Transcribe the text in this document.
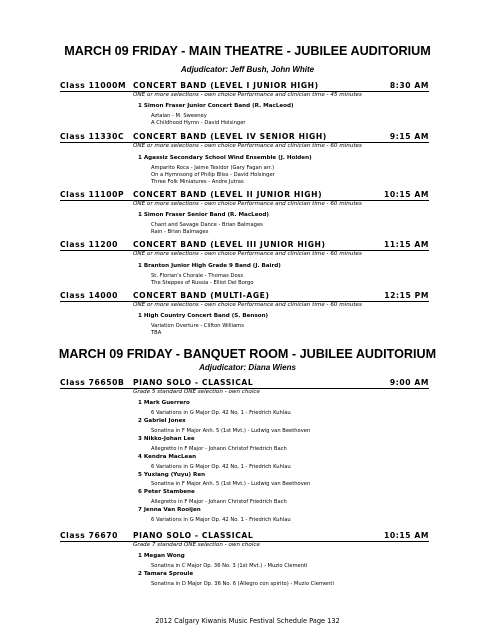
MARCH 09 FRIDAY - MAIN THEATRE - JUBILEE AUDITORIUM
Adjudicator: Jeff Bush, John White
Class 11000M CONCERT BAND (LEVEL I JUNIOR HIGH)	8:30 AM
ONE or more selections - own choice Performance and clinician time - 45 minutes
1 Simon Fraser Junior Concert Band (R. MacLeod)
Aztalan - M. Sweeney
A Childhood Hymn - David Holsinger
Class 11330C CONCERT BAND (LEVEL IV SENIOR HIGH)	9:15 AM
ONE or more selections - own choice Performance and clinician time - 60 minutes
1 Agassiz Secondary School Wind Ensemble (J. Holden)
Amparito Roca - Jaime Texidor (Gary Fagan arr.)
On a Hymnsong of Philip Bliss - David Holsinger
Three Folk Miniatures - Andre Jutras
Class 11100P CONCERT BAND (LEVEL II JUNIOR HIGH)	10:15 AM
ONE or more selections - own choice Performance and clinician time - 60 minutes
1 Simon Fraser Senior Band (R. MacLeod)
Chant and Savage Dance - Brian Balmages
Rain - Brian Balmages
Class 11200 CONCERT BAND (LEVEL III JUNIOR HIGH)	11:15 AM
ONE or more selections - own choice Performance and clinician time - 60 minutes
1 Branton Junior High Grade 9 Band (J. Baird)
St. Florian's Chorale - Thomas Doss
The Steppes of Russia - Elliot Del Borgo
Class 14000 CONCERT BAND (MULTI-AGE)	12:15 PM
ONE or more selections - own choice Performance and clinician time - 60 minutes
1 High Country Concert Band (S. Benson)
Variation Overture - Clifton Williams
TBA
MARCH 09 FRIDAY - BANQUET ROOM - JUBILEE AUDITORIUM
Adjudicator: Diana Wiens
Class 76650B PIANO SOLO - CLASSICAL	9:00 AM
Grade 5 standard ONE selection - own choice
1 Mark Guerrero
6 Variations in G Major Op. 42 No. 1 - Friedrich Kuhlau
2 Gabriel Jones
Sonatina in F Major Anh. 5 (1st Mvt.) - Ludwig van Beethoven
3 Nikko-Johan Lee
Allegretto in F Major - Johann Christof Friedrich Bach
4 Kendra MacLean
6 Variations in G Major Op. 42 No. 1 - Friedrich Kuhlau
5 Yuxiang (Yuyu) Ren
Sonatina in F Major Anh. 5 (1st Mvt.) - Ludwig van Beethoven
6 Peter Stambene
Allegretto in F Major - Johann Christof Friedrich Bach
7 Jenna Van Rooijen
6 Variations in G Major Op. 42 No. 1 - Friedrich Kuhlau
Class 76670 PIANO SOLO - CLASSICAL	10:15 AM
Grade 7 standard ONE selection - own choice
1 Megan Wong
Sonatina in C Major Op. 36 No. 3 (1st Mvt.) - Muzio Clementi
2 Tamara Sproule
Sonatina in D Major Op. 36 No. 6 (Allegro con spirito) - Muzio Clementi
2012 Calgary Kiwanis Music Festival Schedule Page 132
